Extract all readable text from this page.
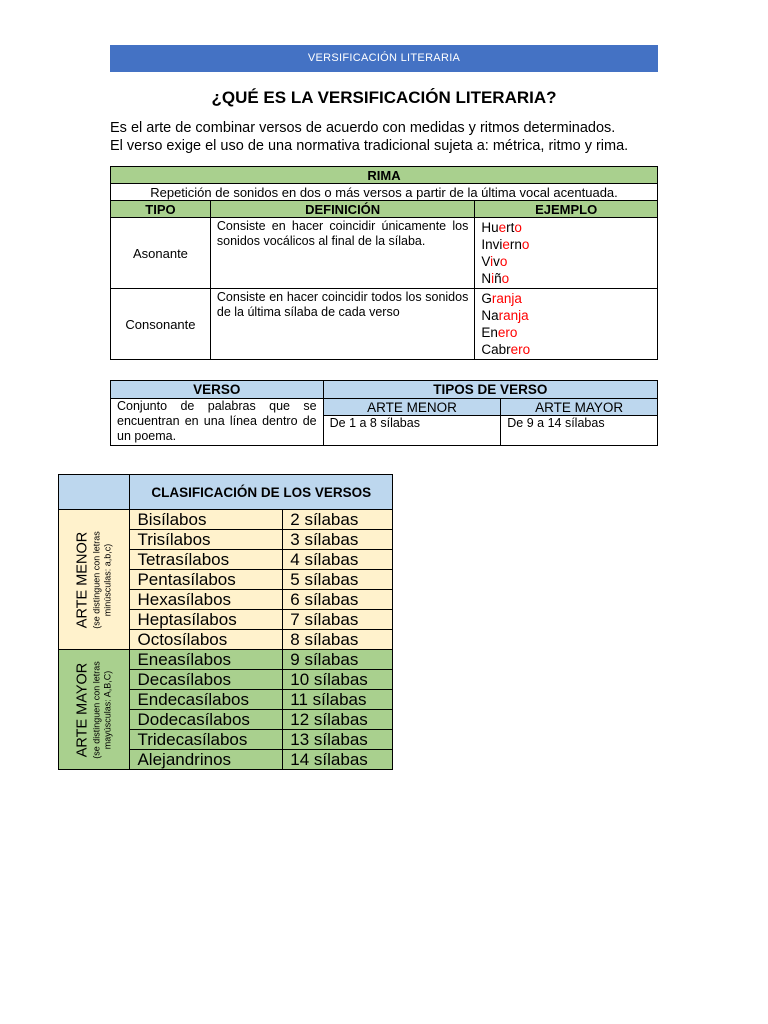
VERSIFICACIÓN LITERARIA
¿QUÉ ES LA VERSIFICACIÓN LITERARIA?

Es el arte de combinar versos de acuerdo con medidas y ritmos determinados.

El verso exige el uso de una normativa tradicional sujeta a: métrica, ritmo y rima.

RIMA		
Repetición de sonidos en dos o más versos a partir de la última vocal acentuada.		
TIPO	DEFINICIÓN	EJEMPLO
Asonante	Consiste en hacer coincidir únicamente los sonidos vocálicos al final de la sílaba.	Huerto
Invierno
Vivo
Niño

Consonante	Consiste en hacer coincidir todos los sonidos de la última sílaba de cada verso	Granja
Naranja
Enero
Cabrero
VERSO	TIPOS DE VERSO	
Conjunto de palabras que se encuentran en una línea dentro de un poema.	ARTE MENOR	ARTE MAYOR
	De 1 a 8 sílabas	De 9 a 14 sílabas
	CLASIFICACIÓN DE LOS VERSOS	

ARTE MENOR (se distinguen con letras minúsculas: a,b,c)	Bisílabos	2 sílabas
	Trisílabos	3 sílabas
	Tetrasílabos	4 sílabas
	Pentasílabos	5 sílabas
	Hexasílabos	6 sílabas
	Heptasílabos	7 sílabas
	Octosílabos	8 sílabas

ARTE MAYOR (se distinguen con letras mayúsculas: A,B,C)	Eneasílabos	9 sílabas
	Decasílabos	10 sílabas
	Endecasílabos	11 sílabas
	Dodecasílabos	12 sílabas
	Tridecasílabos	13 sílabas
	Alejandrinos	14 sílabas
